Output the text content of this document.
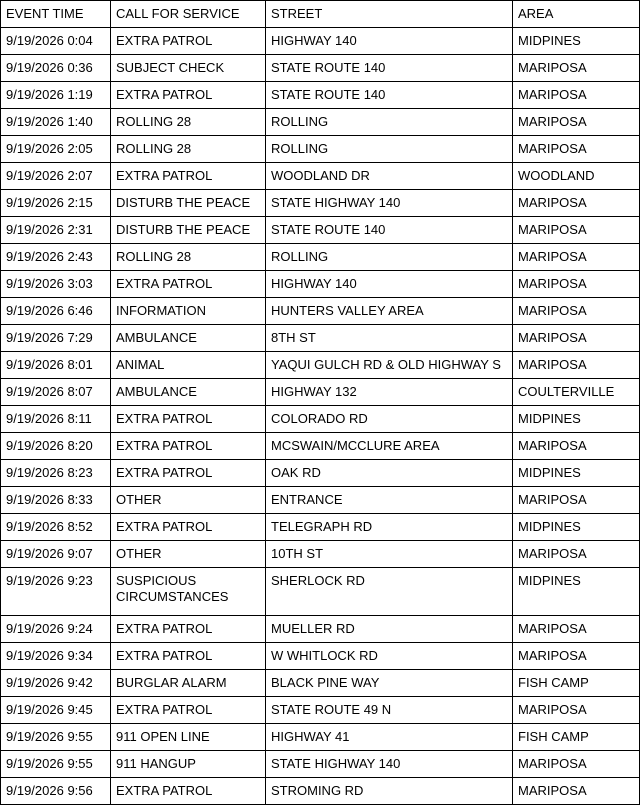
EVENT TIME	CALL FOR SERVICE	STREET	AREA
9/19/2026 0:04	EXTRA PATROL	HIGHWAY 140	MIDPINES
9/19/2026 0:36	SUBJECT CHECK	STATE ROUTE 140	MARIPOSA
9/19/2026 1:19	EXTRA PATROL	STATE ROUTE 140	MARIPOSA
9/19/2026 1:40	ROLLING 28	ROLLING	MARIPOSA
9/19/2026 2:05	ROLLING 28	ROLLING	MARIPOSA
9/19/2026 2:07	EXTRA PATROL	WOODLAND DR	WOODLAND
9/19/2026 2:15	DISTURB THE PEACE	STATE HIGHWAY 140	MARIPOSA
9/19/2026 2:31	DISTURB THE PEACE	STATE ROUTE 140	MARIPOSA
9/19/2026 2:43	ROLLING 28	ROLLING	MARIPOSA
9/19/2026 3:03	EXTRA PATROL	HIGHWAY 140	MARIPOSA
9/19/2026 6:46	INFORMATION	HUNTERS VALLEY AREA	MARIPOSA
9/19/2026 7:29	AMBULANCE	8TH ST	MARIPOSA
9/19/2026 8:01	ANIMAL	YAQUI GULCH RD & OLD HIGHWAY S	MARIPOSA
9/19/2026 8:07	AMBULANCE	HIGHWAY 132	COULTERVILLE
9/19/2026 8:11	EXTRA PATROL	COLORADO RD	MIDPINES
9/19/2026 8:20	EXTRA PATROL	MCSWAIN/MCCLURE AREA	MARIPOSA
9/19/2026 8:23	EXTRA PATROL	OAK RD	MIDPINES
9/19/2026 8:33	OTHER	ENTRANCE	MARIPOSA
9/19/2026 8:52	EXTRA PATROL	TELEGRAPH RD	MIDPINES
9/19/2026 9:07	OTHER	10TH ST	MARIPOSA
9/19/2026 9:23	SUSPICIOUS CIRCUMSTANCES	SHERLOCK RD	MIDPINES
9/19/2026 9:24	EXTRA PATROL	MUELLER RD	MARIPOSA
9/19/2026 9:34	EXTRA PATROL	W WHITLOCK RD	MARIPOSA
9/19/2026 9:42	BURGLAR ALARM	BLACK PINE WAY	FISH CAMP
9/19/2026 9:45	EXTRA PATROL	STATE ROUTE 49 N	MARIPOSA
9/19/2026 9:55	911 OPEN LINE	HIGHWAY 41	FISH CAMP
9/19/2026 9:55	911 HANGUP	STATE HIGHWAY 140	MARIPOSA
9/19/2026 9:56	EXTRA PATROL	STROMING RD	MARIPOSA
